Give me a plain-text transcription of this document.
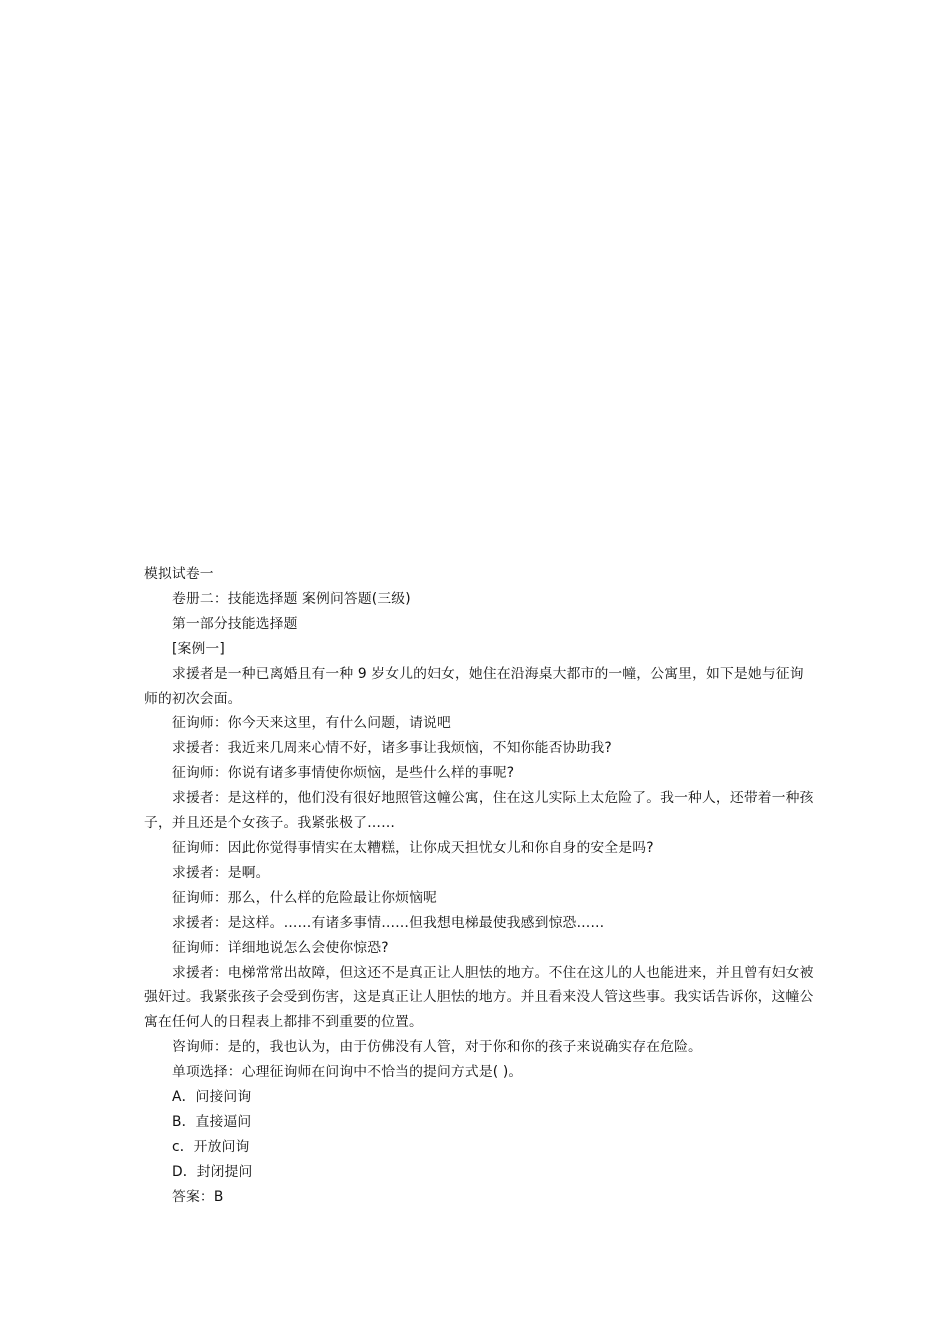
模拟试卷一

卷册二：技能选择题 案例问答题(三级)

第一部分技能选择题

[案例一]

求援者是一种已离婚且有一种 9 岁女儿的妇女，她住在沿海桌大都市的一幢，公寓里，如下是她与征询师的初次会面。

征询师：你今天来这里，有什么问题，请说吧

求援者：我近来几周来心情不好，诸多事让我烦恼，不知你能否协助我?

征询师：你说有诸多事情使你烦恼，是些什么样的事呢?

求援者：是这样的，他们没有很好地照管这幢公寓，住在这儿实际上太危险了。我一种人，还带着一种孩子，并且还是个女孩子。我紧张极了……

征询师：因此你觉得事情实在太糟糕，让你成天担忧女儿和你自身的安全是吗?

求援者：是啊。

征询师：那么，什么样的危险最让你烦恼呢

求援者：是这样。……有诸多事情……但我想电梯最使我感到惊恐……

征询师：详细地说怎么会使你惊恐?

求援者：电梯常常出故障，但这还不是真正让人胆怯的地方。不住在这儿的人也能进来，并且曾有妇女被强奸过。我紧张孩子会受到伤害，这是真正让人胆怯的地方。并且看来没人管这些事。我实话告诉你，这幢公寓在任何人的日程表上都排不到重要的位置。

咨询师：是的，我也认为，由于仿佛没有人管，对于你和你的孩子来说确实存在危险。

单项选择：心理征询师在问询中不恰当的提问方式是( )。

A．问接问询

B．直接逼问

c．开放问询

D．封闭提问

答案：B
